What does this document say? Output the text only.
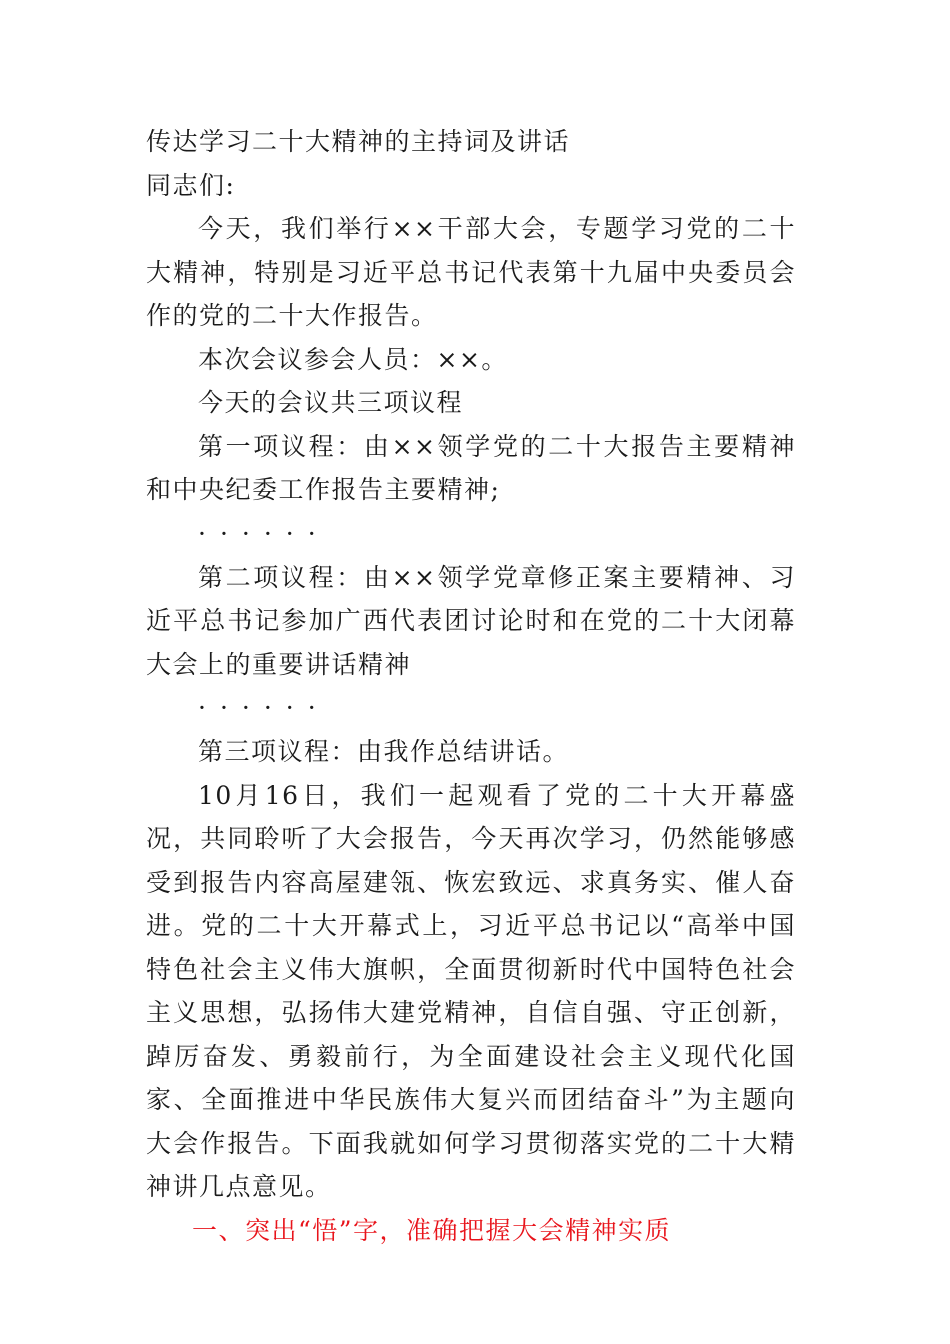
传达学习二十大精神的主持词及讲话

同志们:

今天，我们举行××干部大会，专题学习党的二十大精神，特别是习近平总书记代表第十九届中央委员会作的党的二十大作报告。

本次会议参会人员：××。

今天的会议共三项议程

第一项议程：由××领学党的二十大报告主要精神和中央纪委工作报告主要精神;

······

第二项议程：由××领学党章修正案主要精神、习近平总书记参加广西代表团讨论时和在党的二十大闭幕大会上的重要讲话精神

······

第三项议程：由我作总结讲话。

10月16日，我们一起观看了党的二十大开幕盛况，共同聆听了大会报告，今天再次学习，仍然能够感受到报告内容高屋建瓴、恢宏致远、求真务实、催人奋进。党的二十大开幕式上，习近平总书记以“高举中国特色社会主义伟大旗帜，全面贯彻新时代中国特色社会主义思想，弘扬伟大建党精神，自信自强、守正创新，踔厉奋发、勇毅前行，为全面建设社会主义现代化国家、全面推进中华民族伟大复兴而团结奋斗”为主题向大会作报告。下面我就如何学习贯彻落实党的二十大精神讲几点意见。

一、突出“悟”字，准确把握大会精神实质
